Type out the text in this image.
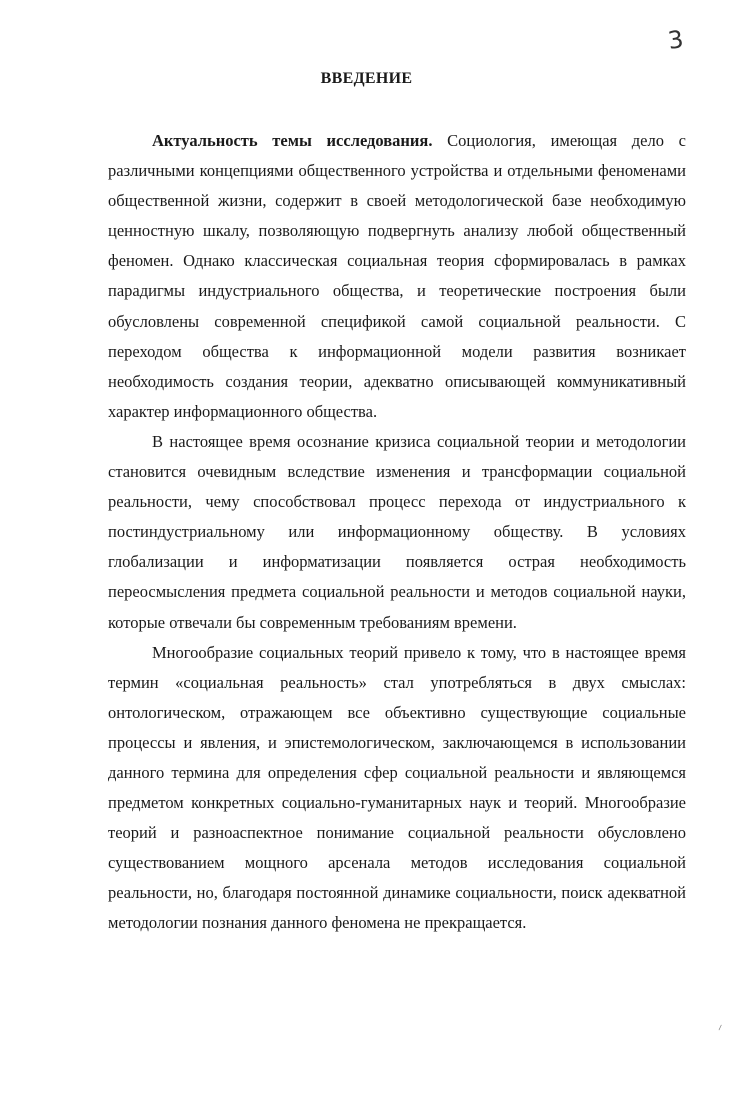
3
ВВЕДЕНИЕ

Актуальность темы исследования. Социология, имеющая дело с различными концепциями общественного устройства и отдельными феноменами общественной жизни, содержит в своей методологической базе необходимую ценностную шкалу, позволяющую подвергнуть анализу любой общественный феномен. Однако классическая социальная теория сформировалась в рамках парадигмы индустриального общества, и теоретические построения были обусловлены современной спецификой самой социальной реальности. С переходом общества к информационной модели развития возникает необходимость создания теории, адекватно описывающей коммуникативный характер информационного общества.

В настоящее время осознание кризиса социальной теории и методологии становится очевидным вследствие изменения и трансформации социальной реальности, чему способствовал процесс перехода от индустриального к постиндустриальному или информационному обществу. В условиях глобализации и информатизации появляется острая необходимость переосмысления предмета социальной реальности и методов социальной науки, которые отвечали бы современным требованиям времени.

Многообразие социальных теорий привело к тому, что в настоящее время термин «социальная реальность» стал употребляться в двух смыслах: онтологическом, отражающем все объективно существующие социальные процессы и явления, и эпистемологическом, заключающемся в использовании данного термина для определения сфер социальной реальности и являющемся предметом конкретных социально-гуманитарных наук и теорий. Многообразие теорий и разноаспектное понимание социальной реальности обусловлено существованием мощного арсенала методов исследования социальной реальности, но, благодаря постоянной динамике социальности, поиск адекватной методологии познания данного феномена не прекращается.

⸝
